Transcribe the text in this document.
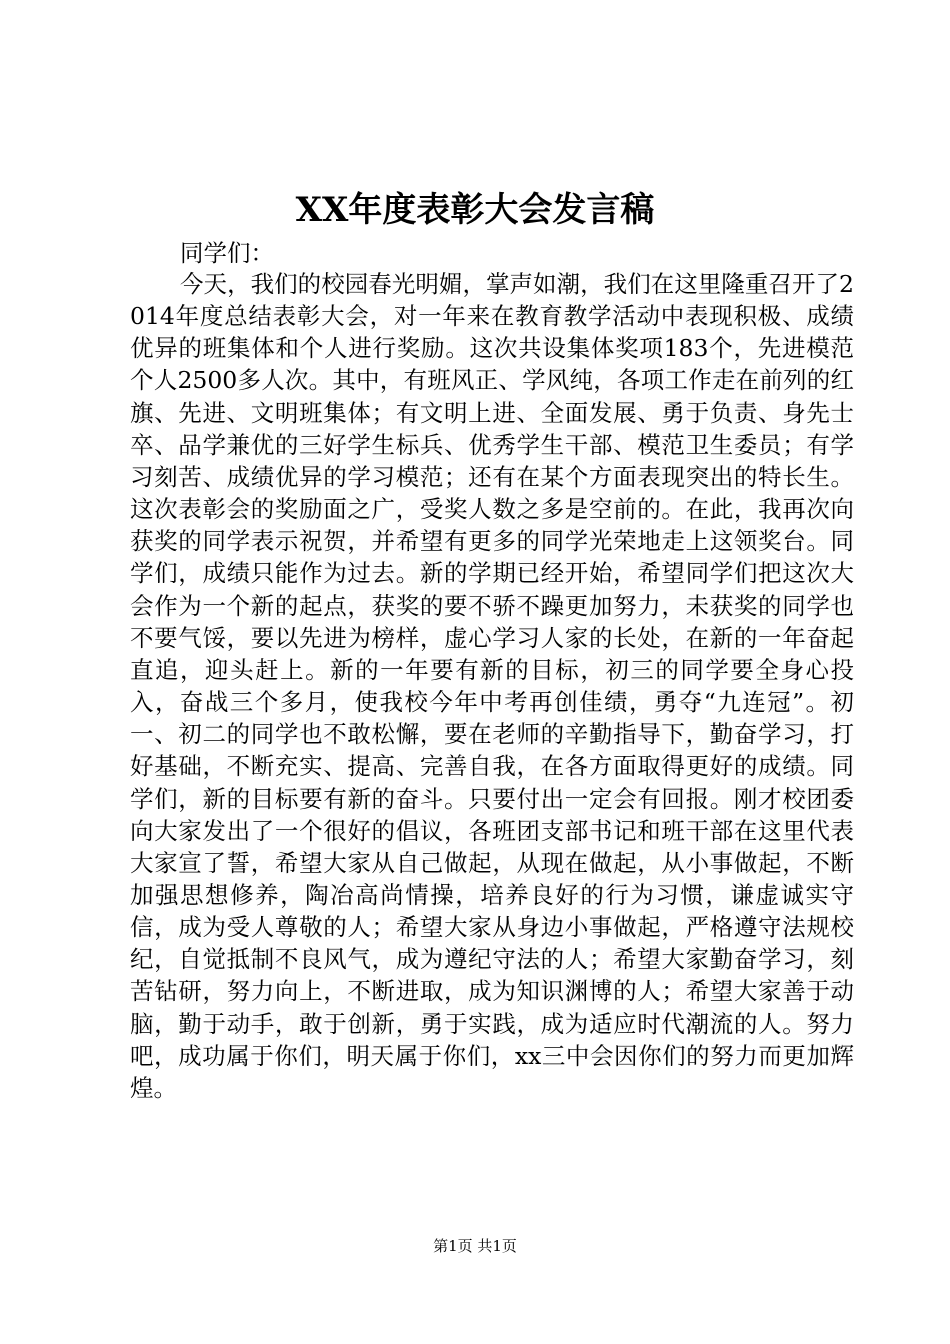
XX年度表彰大会发言稿
同学们：

今天，我们的校园春光明媚，掌声如潮，我们在这里隆重召开了2014年度总结表彰大会，对一年来在教育教学活动中表现积极、成绩优异的班集体和个人进行奖励。这次共设集体奖项183个，先进模范个人2500多人次。其中，有班风正、学风纯，各项工作走在前列的红旗、先进、文明班集体；有文明上进、全面发展、勇于负责、身先士卒、品学兼优的三好学生标兵、优秀学生干部、模范卫生委员；有学习刻苦、成绩优异的学习模范；还有在某个方面表现突出的特长生。这次表彰会的奖励面之广，受奖人数之多是空前的。在此，我再次向获奖的同学表示祝贺，并希望有更多的同学光荣地走上这领奖台。同学们，成绩只能作为过去。新的学期已经开始，希望同学们把这次大会作为一个新的起点，获奖的要不骄不躁更加努力，未获奖的同学也不要气馁，要以先进为榜样，虚心学习人家的长处，在新的一年奋起直追，迎头赶上。新的一年要有新的目标，初三的同学要全身心投入，奋战三个多月，使我校今年中考再创佳绩，勇夺“九连冠”。初一、初二的同学也不敢松懈，要在老师的辛勤指导下，勤奋学习，打好基础，不断充实、提高、完善自我，在各方面取得更好的成绩。同学们，新的目标要有新的奋斗。只要付出一定会有回报。刚才校团委向大家发出了一个很好的倡议，各班团支部书记和班干部在这里代表大家宣了誓，希望大家从自己做起，从现在做起，从小事做起，不断加强思想修养，陶冶高尚情操，培养良好的行为习惯，谦虚诚实守信，成为受人尊敬的人；希望大家从身边小事做起，严格遵守法规校纪，自觉抵制不良风气，成为遵纪守法的人；希望大家勤奋学习，刻苦钻研，努力向上，不断进取，成为知识渊博的人；希望大家善于动脑，勤于动手，敢于创新，勇于实践，成为适应时代潮流的人。努力吧，成功属于你们，明天属于你们，xx三中会因你们的努力而更加辉煌。

第1页 共1页
